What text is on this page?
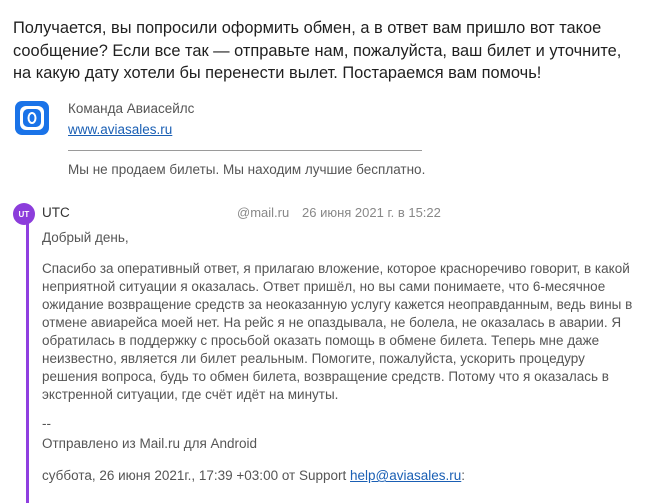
Получается, вы попросили оформить обмен, а в ответ вам пришло вот такое сообщение? Если все так — отправьте нам, пожалуйста, ваш билет и уточните, на какую дату хотели бы перенести вылет. Постараемся вам помочь!

Команда Авиасейлс
www.aviasales.ru
Мы не продаем билеты. Мы находим лучшие бесплатно.
UT UTC	@mail.ru 26 июня 2021 г. в 15:22

Добрый день,

Спасибо за оперативный ответ, я прилагаю вложение, которое красноречиво говорит, в какой неприятной ситуации я оказалась. Ответ пришёл, но вы сами понимаете, что 6-месячное ожидание возвращение средств за неоказанную услугу кажется неоправданным, ведь вины в отмене авиарейса моей нет. На рейс я не опаздывала, не болела, не оказалась в аварии. Я обратилась в поддержку с просьбой оказать помощь в обмене билета. Теперь мне даже неизвестно, является ли билет реальным. Помогите, пожалуйста, ускорить процедуру решения вопроса, будь то обмен билета, возвращение средств. Потому что я оказалась в экстренной ситуации, где счёт идёт на минуты.

--

Отправлено из Mail.ru для Android

суббота, 26 июня 2021г., 17:39 +03:00 от Support help@aviasales.ru:
